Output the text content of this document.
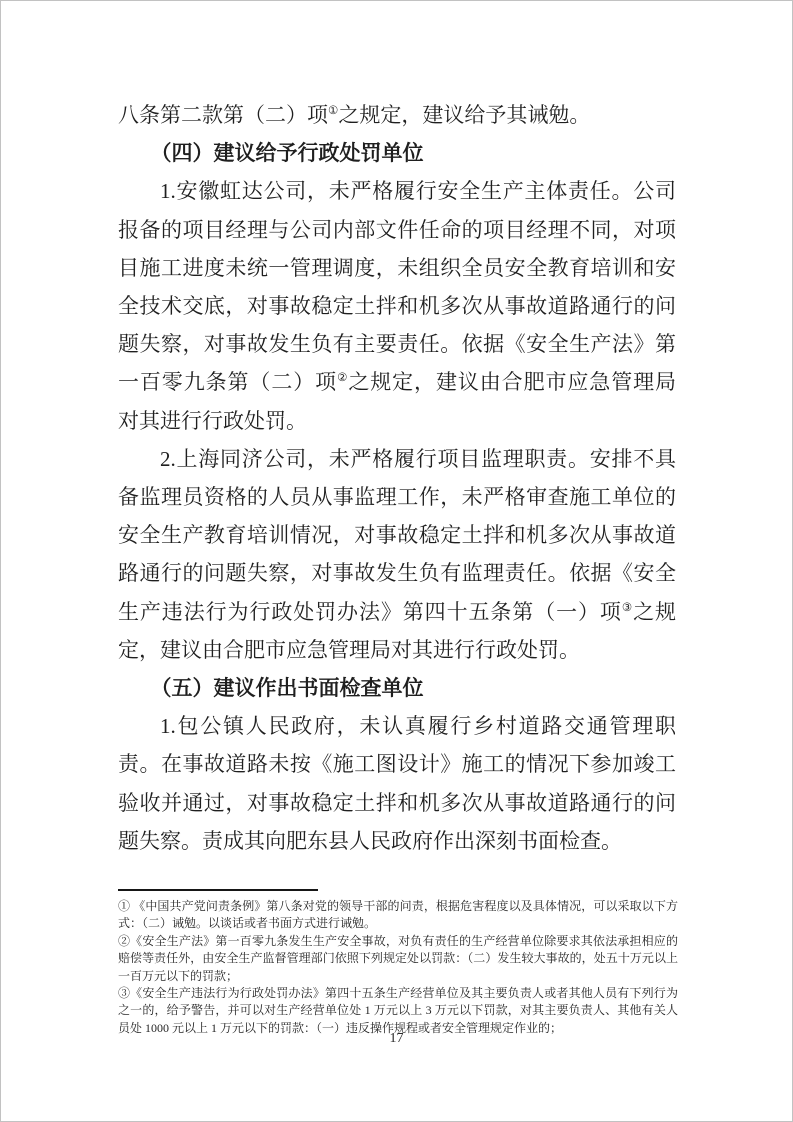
八条第二款第（二）项①之规定，建议给予其诫勉。
（四）建议给予行政处罚单位
1.安徽虹达公司，未严格履行安全生产主体责任。公司
报备的项目经理与公司内部文件任命的项目经理不同，对项
目施工进度未统一管理调度，未组织全员安全教育培训和安
全技术交底，对事故稳定土拌和机多次从事故道路通行的问
题失察，对事故发生负有主要责任。依据《安全生产法》第
一百零九条第（二）项②之规定，建议由合肥市应急管理局
对其进行行政处罚。
2.上海同济公司，未严格履行项目监理职责。安排不具
备监理员资格的人员从事监理工作，未严格审查施工单位的
安全生产教育培训情况，对事故稳定土拌和机多次从事故道
路通行的问题失察，对事故发生负有监理责任。依据《安全
生产违法行为行政处罚办法》第四十五条第（一）项③之规
定，建议由合肥市应急管理局对其进行行政处罚。
（五）建议作出书面检查单位
1.包公镇人民政府，未认真履行乡村道路交通管理职
责。在事故道路未按《施工图设计》施工的情况下参加竣工
验收并通过，对事故稳定土拌和机多次从事故道路通行的问
题失察。责成其向肥东县人民政府作出深刻书面检查。

① 《中国共产党问责条例》第八条对党的领导干部的问责，根据危害程度以及具体情况，可以采取以下方式：（二）诫勉。以谈话或者书面方式进行诫勉。

②《安全生产法》第一百零九条发生生产安全事故，对负有责任的生产经营单位除要求其依法承担相应的赔偿等责任外，由安全生产监督管理部门依照下列规定处以罚款：（二）发生较大事故的，处五十万元以上一百万元以下的罚款；

③《安全生产违法行为行政处罚办法》第四十五条生产经营单位及其主要负责人或者其他人员有下列行为之一的，给予警告，并可以对生产经营单位处 1 万元以上 3 万元以下罚款，对其主要负责人、其他有关人员处 1000 元以上 1 万元以下的罚款：（一）违反操作规程或者安全管理规定作业的；

17
